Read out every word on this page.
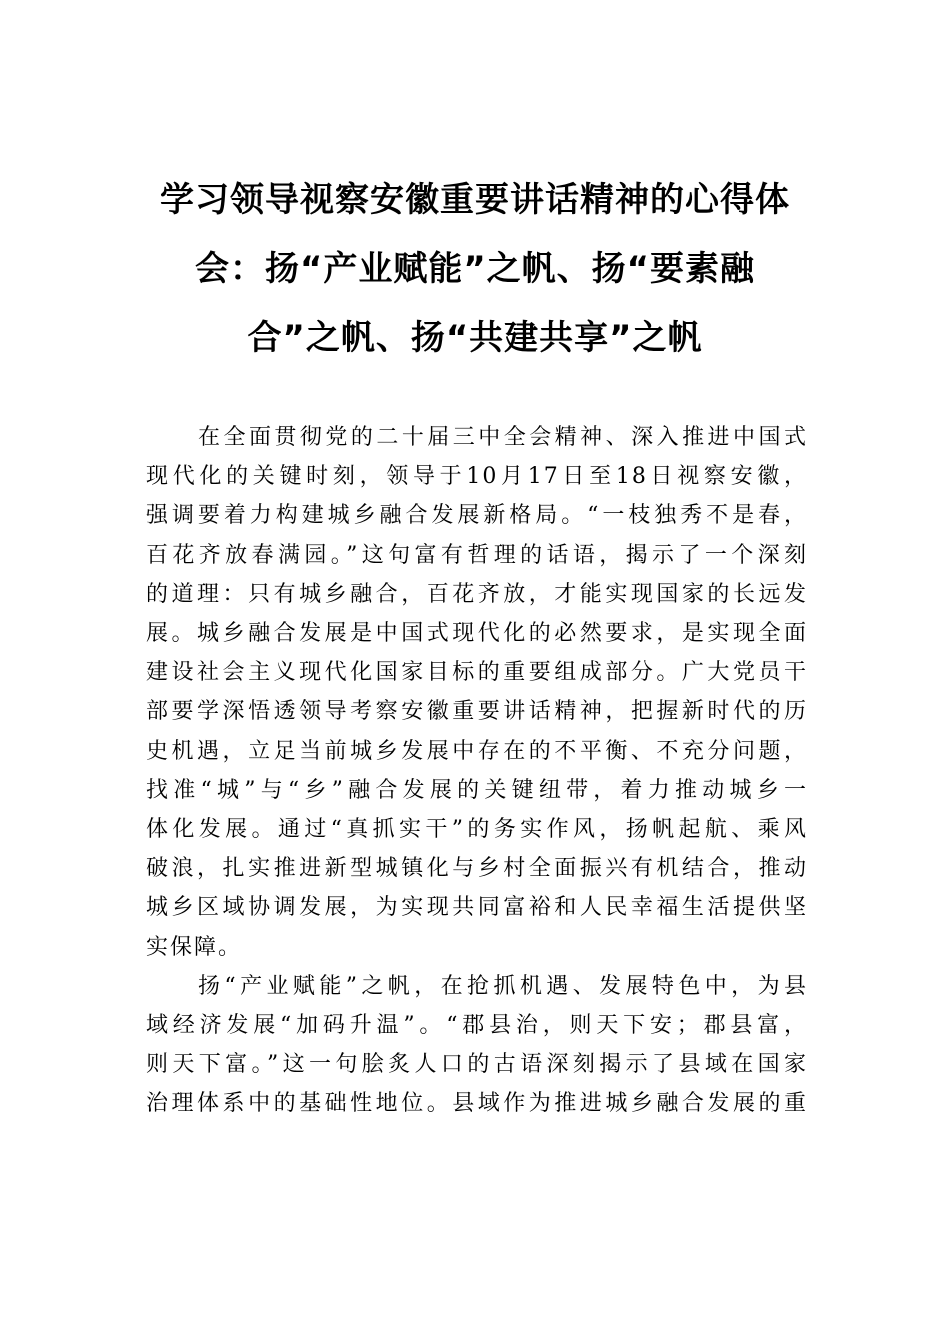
学习领导视察安徽重要讲话精神的心得体
会：扬“产业赋能”之帆、扬“要素融
合”之帆、扬“共建共享”之帆

在全面贯彻党的二十届三中全会精神、深入推进中国式
现代化的关键时刻，领导于10月17日至18日视察安徽，
强调要着力构建城乡融合发展新格局。“一枝独秀不是春，
百花齐放春满园。”这句富有哲理的话语，揭示了一个深刻
的道理：只有城乡融合，百花齐放，才能实现国家的长远发
展。城乡融合发展是中国式现代化的必然要求，是实现全面
建设社会主义现代化国家目标的重要组成部分。广大党员干
部要学深悟透领导考察安徽重要讲话精神，把握新时代的历
史机遇，立足当前城乡发展中存在的不平衡、不充分问题，
找准“城”与“乡”融合发展的关键纽带，着力推动城乡一
体化发展。通过“真抓实干”的务实作风，扬帆起航、乘风
破浪，扎实推进新型城镇化与乡村全面振兴有机结合，推动
城乡区域协调发展，为实现共同富裕和人民幸福生活提供坚
实保障。

扬“产业赋能”之帆，在抢抓机遇、发展特色中，为县
域经济发展“加码升温”。“郡县治，则天下安；郡县富，
则天下富。”这一句脍炙人口的古语深刻揭示了县域在国家
治理体系中的基础性地位。县域作为推进城乡融合发展的重
